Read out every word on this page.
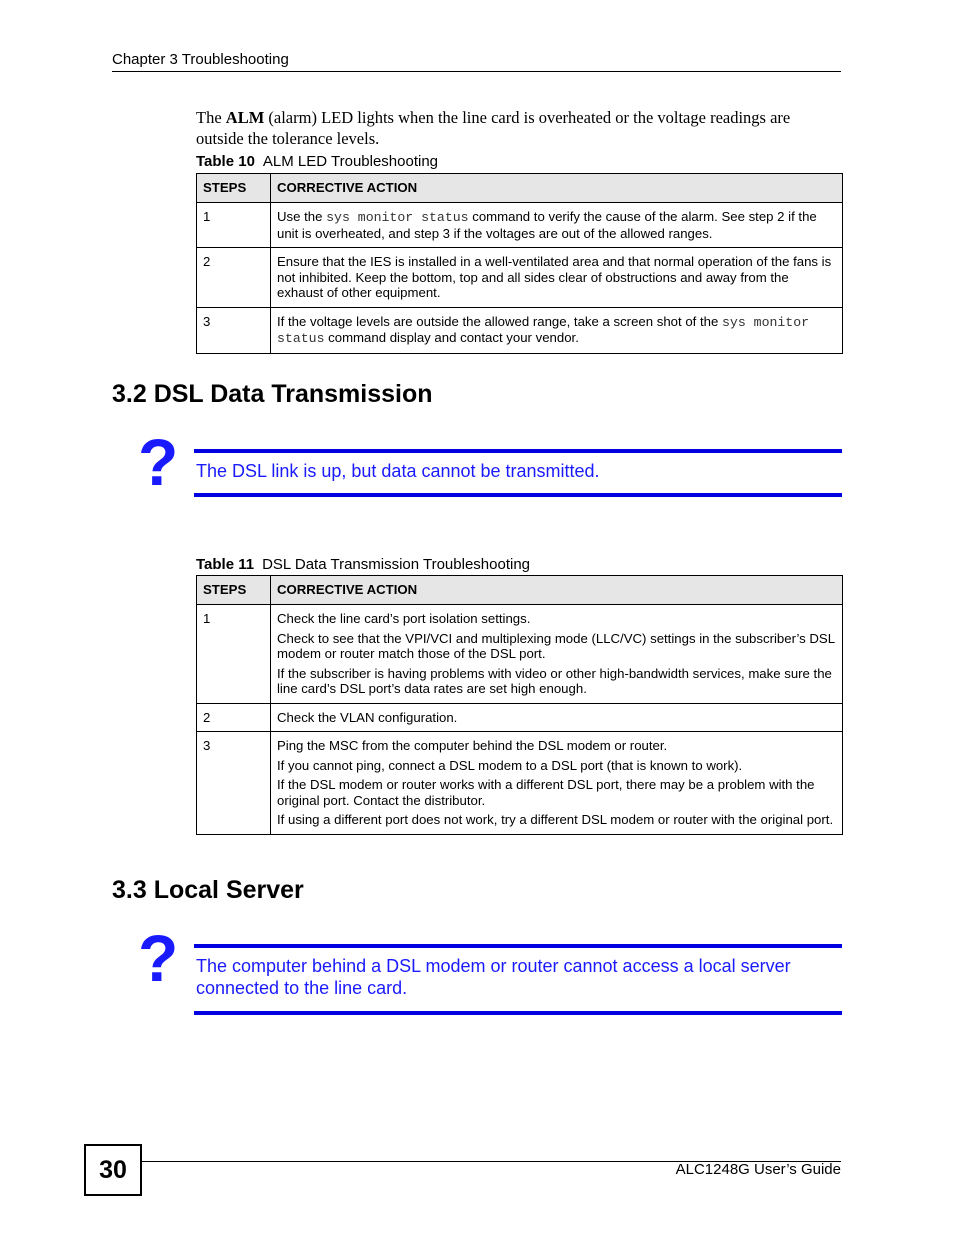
Chapter 3 Troubleshooting
The ALM (alarm) LED lights when the line card is overheated or the voltage readings are outside the tolerance levels.
Table 10 ALM LED Troubleshooting
STEPS	CORRECTIVE ACTION
1	Use the sys monitor status command to verify the cause of the alarm. See step 2 if the unit is overheated, and step 3 if the voltages are out of the allowed ranges.
2	Ensure that the IES is installed in a well-ventilated area and that normal operation of the fans is not inhibited. Keep the bottom, top and all sides clear of obstructions and away from the exhaust of other equipment.
3	If the voltage levels are outside the allowed range, take a screen shot of the sys monitor status command display and contact your vendor.
3.2 DSL Data Transmission
? The DSL link is up, but data cannot be transmitted.
Table 11 DSL Data Transmission Troubleshooting
STEPS	CORRECTIVE ACTION
1	Check the line card’s port isolation settings.

Check to see that the VPI/VCI and multiplexing mode (LLC/VC) settings in the subscriber’s DSL modem or router match those of the DSL port.

If the subscriber is having problems with video or other high-bandwidth services, make sure the line card’s DSL port’s data rates are set high enough.

2	Check the VLAN configuration.

3	Ping the MSC from the computer behind the DSL modem or router.

If you cannot ping, connect a DSL modem to a DSL port (that is known to work).

If the DSL modem or router works with a different DSL port, there may be a problem with the original port. Contact the distributor.

If using a different port does not work, try a different DSL modem or router with the original port.

3.3 Local Server
? The computer behind a DSL modem or router cannot access a local server connected to the line card.
30	ALC1248G User’s Guide
